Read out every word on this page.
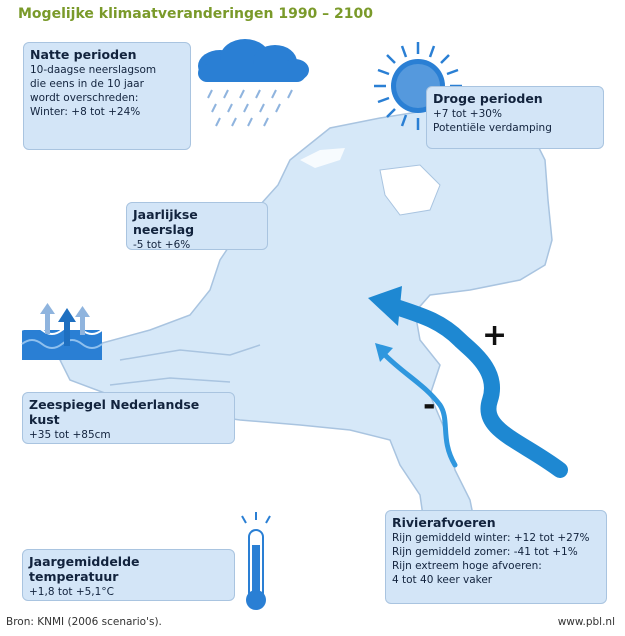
Mogelijke klimaatveranderingen 1990 – 2100
Natte perioden
10-daagse neerslagsom
die eens in de 10 jaar
wordt overschreden:
Winter: +8 tot +24%
Droge perioden
+7 tot +30%
Potentiële verdamping
Jaarlijkse neerslag
-5 tot +6%
Zeespiegel Nederlandse kust
+35 tot +85cm
Jaargemiddelde temperatuur
+1,8 tot +5,1°C
Rivierafvoeren
Rijn gemiddeld winter: +12 tot +27%
Rijn gemiddeld zomer: -41 tot +1%
Rijn extreem hoge afvoeren:
4 tot 40 keer vaker
+
-
Bron: KNMI (2006 scenario's).	www.pbl.nl
